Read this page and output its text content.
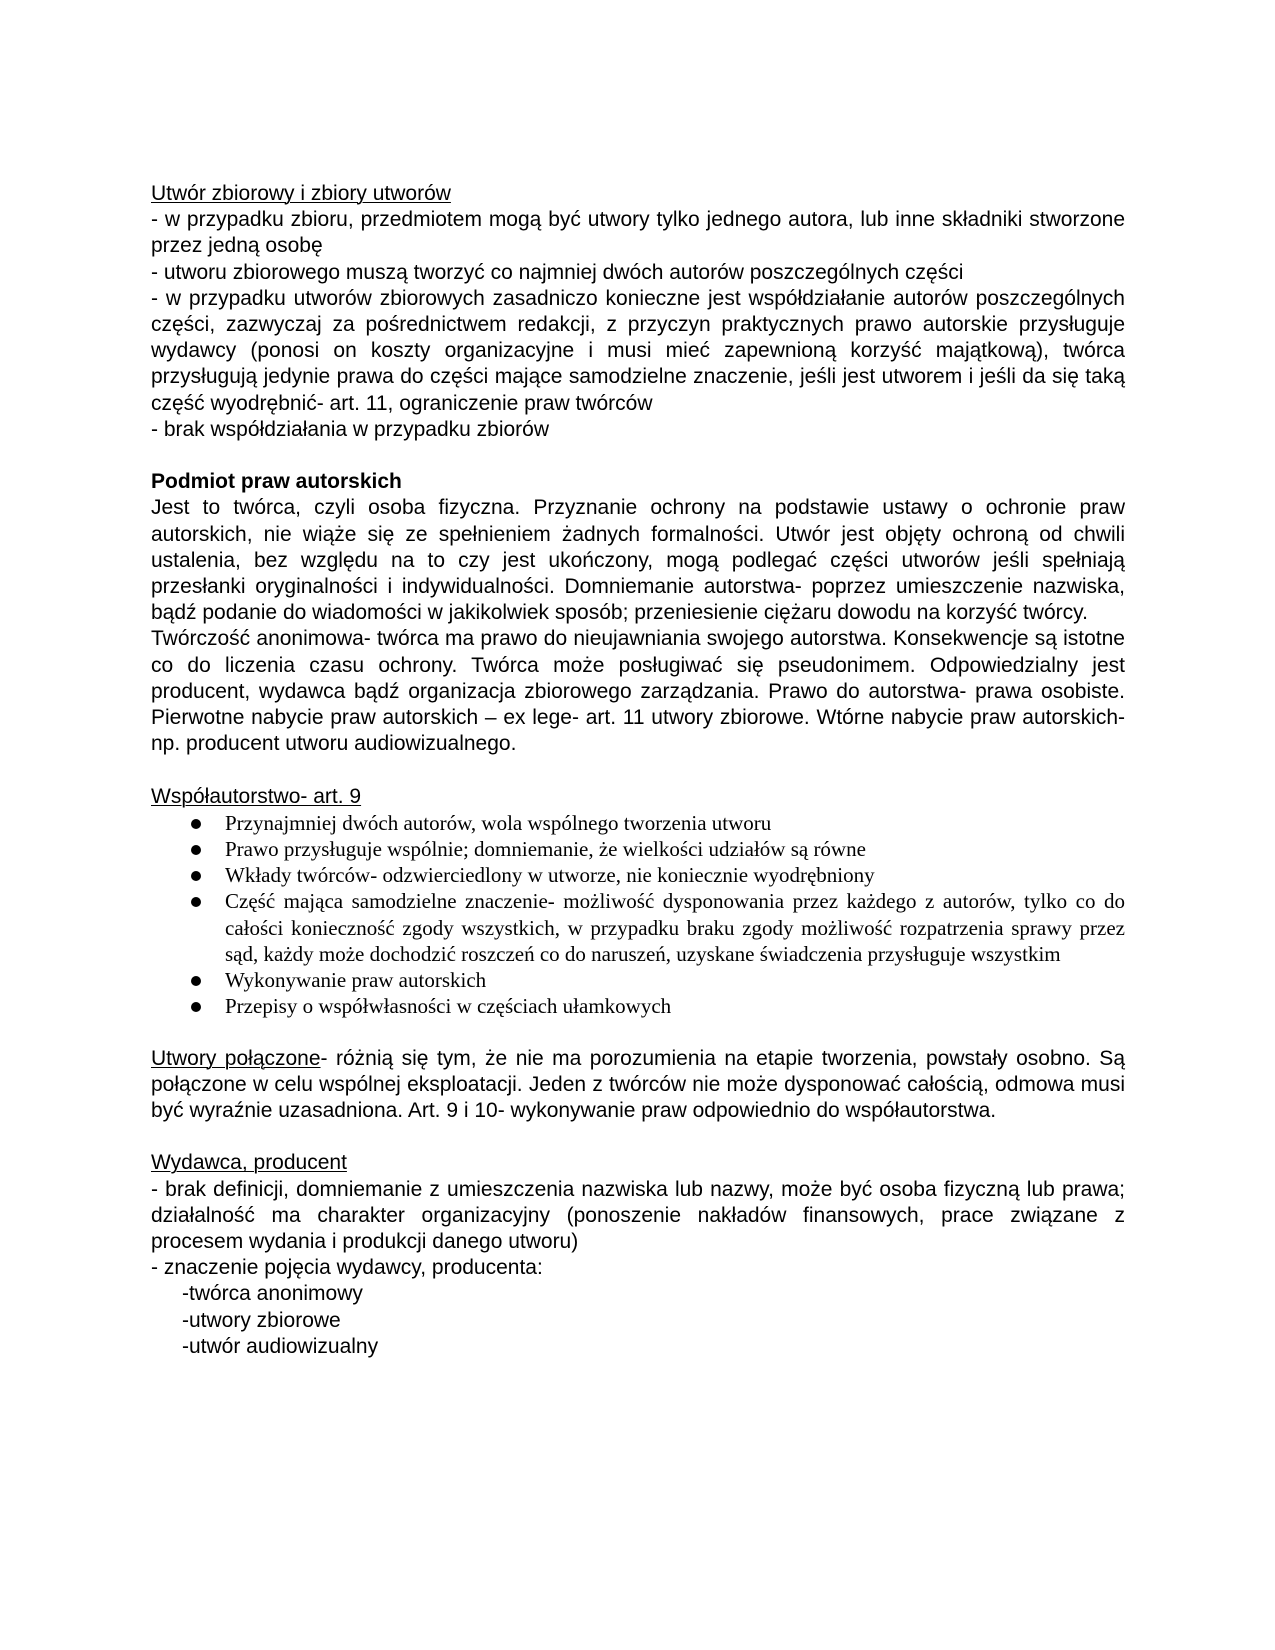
Utwór zbiorowy i zbiory utworów

- w przypadku zbioru, przedmiotem mogą być utwory tylko jednego autora, lub inne składniki stworzone przez jedną osobę

- utworu zbiorowego muszą tworzyć co najmniej dwóch autorów poszczególnych części

- w przypadku utworów zbiorowych zasadniczo konieczne jest współdziałanie autorów poszczególnych części, zazwyczaj za pośrednictwem redakcji, z przyczyn praktycznych prawo autorskie przysługuje wydawcy (ponosi on koszty organizacyjne i musi mieć zapewnioną korzyść majątkową), twórca przysługują jedynie prawa do części mające samodzielne znaczenie, jeśli jest utworem i jeśli da się taką część wyodrębnić- art. 11, ograniczenie praw twórców

- brak współdziałania w przypadku zbiorów

Podmiot praw autorskich

Jest to twórca, czyli osoba fizyczna. Przyznanie ochrony na podstawie ustawy o ochronie praw autorskich, nie wiąże się ze spełnieniem żadnych formalności. Utwór jest objęty ochroną od chwili ustalenia, bez względu na to czy jest ukończony, mogą podlegać części utworów jeśli spełniają przesłanki oryginalności i indywidualności. Domniemanie autorstwa- poprzez umieszczenie nazwiska, bądź podanie do wiadomości w jakikolwiek sposób; przeniesienie ciężaru dowodu na korzyść twórcy.

Twórczość anonimowa- twórca ma prawo do nieujawniania swojego autorstwa. Konsekwencje są istotne co do liczenia czasu ochrony. Twórca może posługiwać się pseudonimem. Odpowiedzialny jest producent, wydawca bądź organizacja zbiorowego zarządzania. Prawo do autorstwa- prawa osobiste. Pierwotne nabycie praw autorskich – ex lege- art. 11 utwory zbiorowe. Wtórne nabycie praw autorskich- np. producent utworu audiowizualnego.

Współautorstwo- art. 9

Przynajmniej dwóch autorów, wola wspólnego tworzenia utworu
Prawo przysługuje wspólnie; domniemanie, że wielkości udziałów są równe
Wkłady twórców- odzwierciedlony w utworze, nie koniecznie wyodrębniony
Część mająca samodzielne znaczenie- możliwość dysponowania przez każdego z autorów, tylko co do całości konieczność zgody wszystkich, w przypadku braku zgody możliwość rozpatrzenia sprawy przez sąd, każdy może dochodzić roszczeń co do naruszeń, uzyskane świadczenia przysługuje wszystkim
Wykonywanie praw autorskich
Przepisy o współwłasności w częściach ułamkowych

Utwory połączone- różnią się tym, że nie ma porozumienia na etapie tworzenia, powstały osobno. Są połączone w celu wspólnej eksploatacji. Jeden z twórców nie może dysponować całością, odmowa musi być wyraźnie uzasadniona. Art. 9 i 10- wykonywanie praw odpowiednio do współautorstwa.

Wydawca, producent

- brak definicji, domniemanie z umieszczenia nazwiska lub nazwy, może być osoba fizyczną lub prawa; działalność ma charakter organizacyjny (ponoszenie nakładów finansowych, prace związane z procesem wydania i produkcji danego utworu)

- znaczenie pojęcia wydawcy, producenta:

-twórca anonimowy

-utwory zbiorowe

-utwór audiowizualny
